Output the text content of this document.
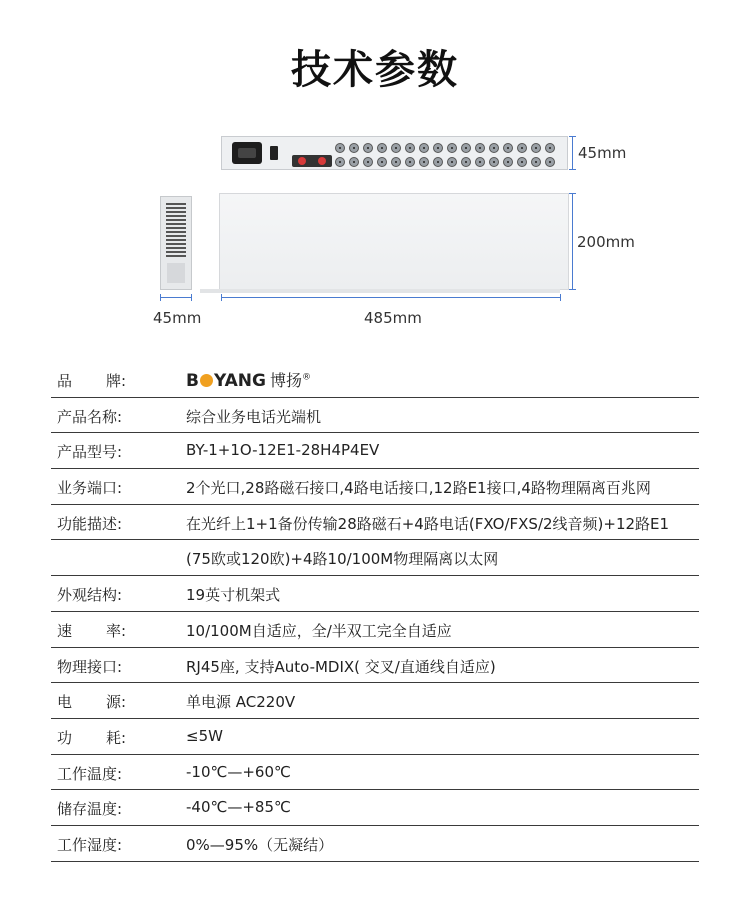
技术参数
45mm
200mm
45mm	485mm
品 牌:	B YANG 博扬®
产品名称:	综合业务电话光端机
产品型号:	BY-1+1O-12E1-28H4P4EV
业务端口:	2个光口,28路磁石接口,4路电话接口,12路E1接口,4路物理隔离百兆网
功能描述:	在光纤上1+1备份传输28路磁石+4路电话(FXO/FXS/2线音频)+12路E1
(75欧或120欧)+4路10/100M物理隔离以太网
外观结构:	19英寸机架式
速 率:	10/100M自适应，全/半双工完全自适应
物理接口:	RJ45座, 支持Auto-MDIX( 交叉/直通线自适应)
电 源:	单电源 AC220V
功 耗:	≤5W
工作温度:	-10℃—+60℃
储存温度:	-40℃—+85℃
工作湿度:	0%—95%（无凝结）
